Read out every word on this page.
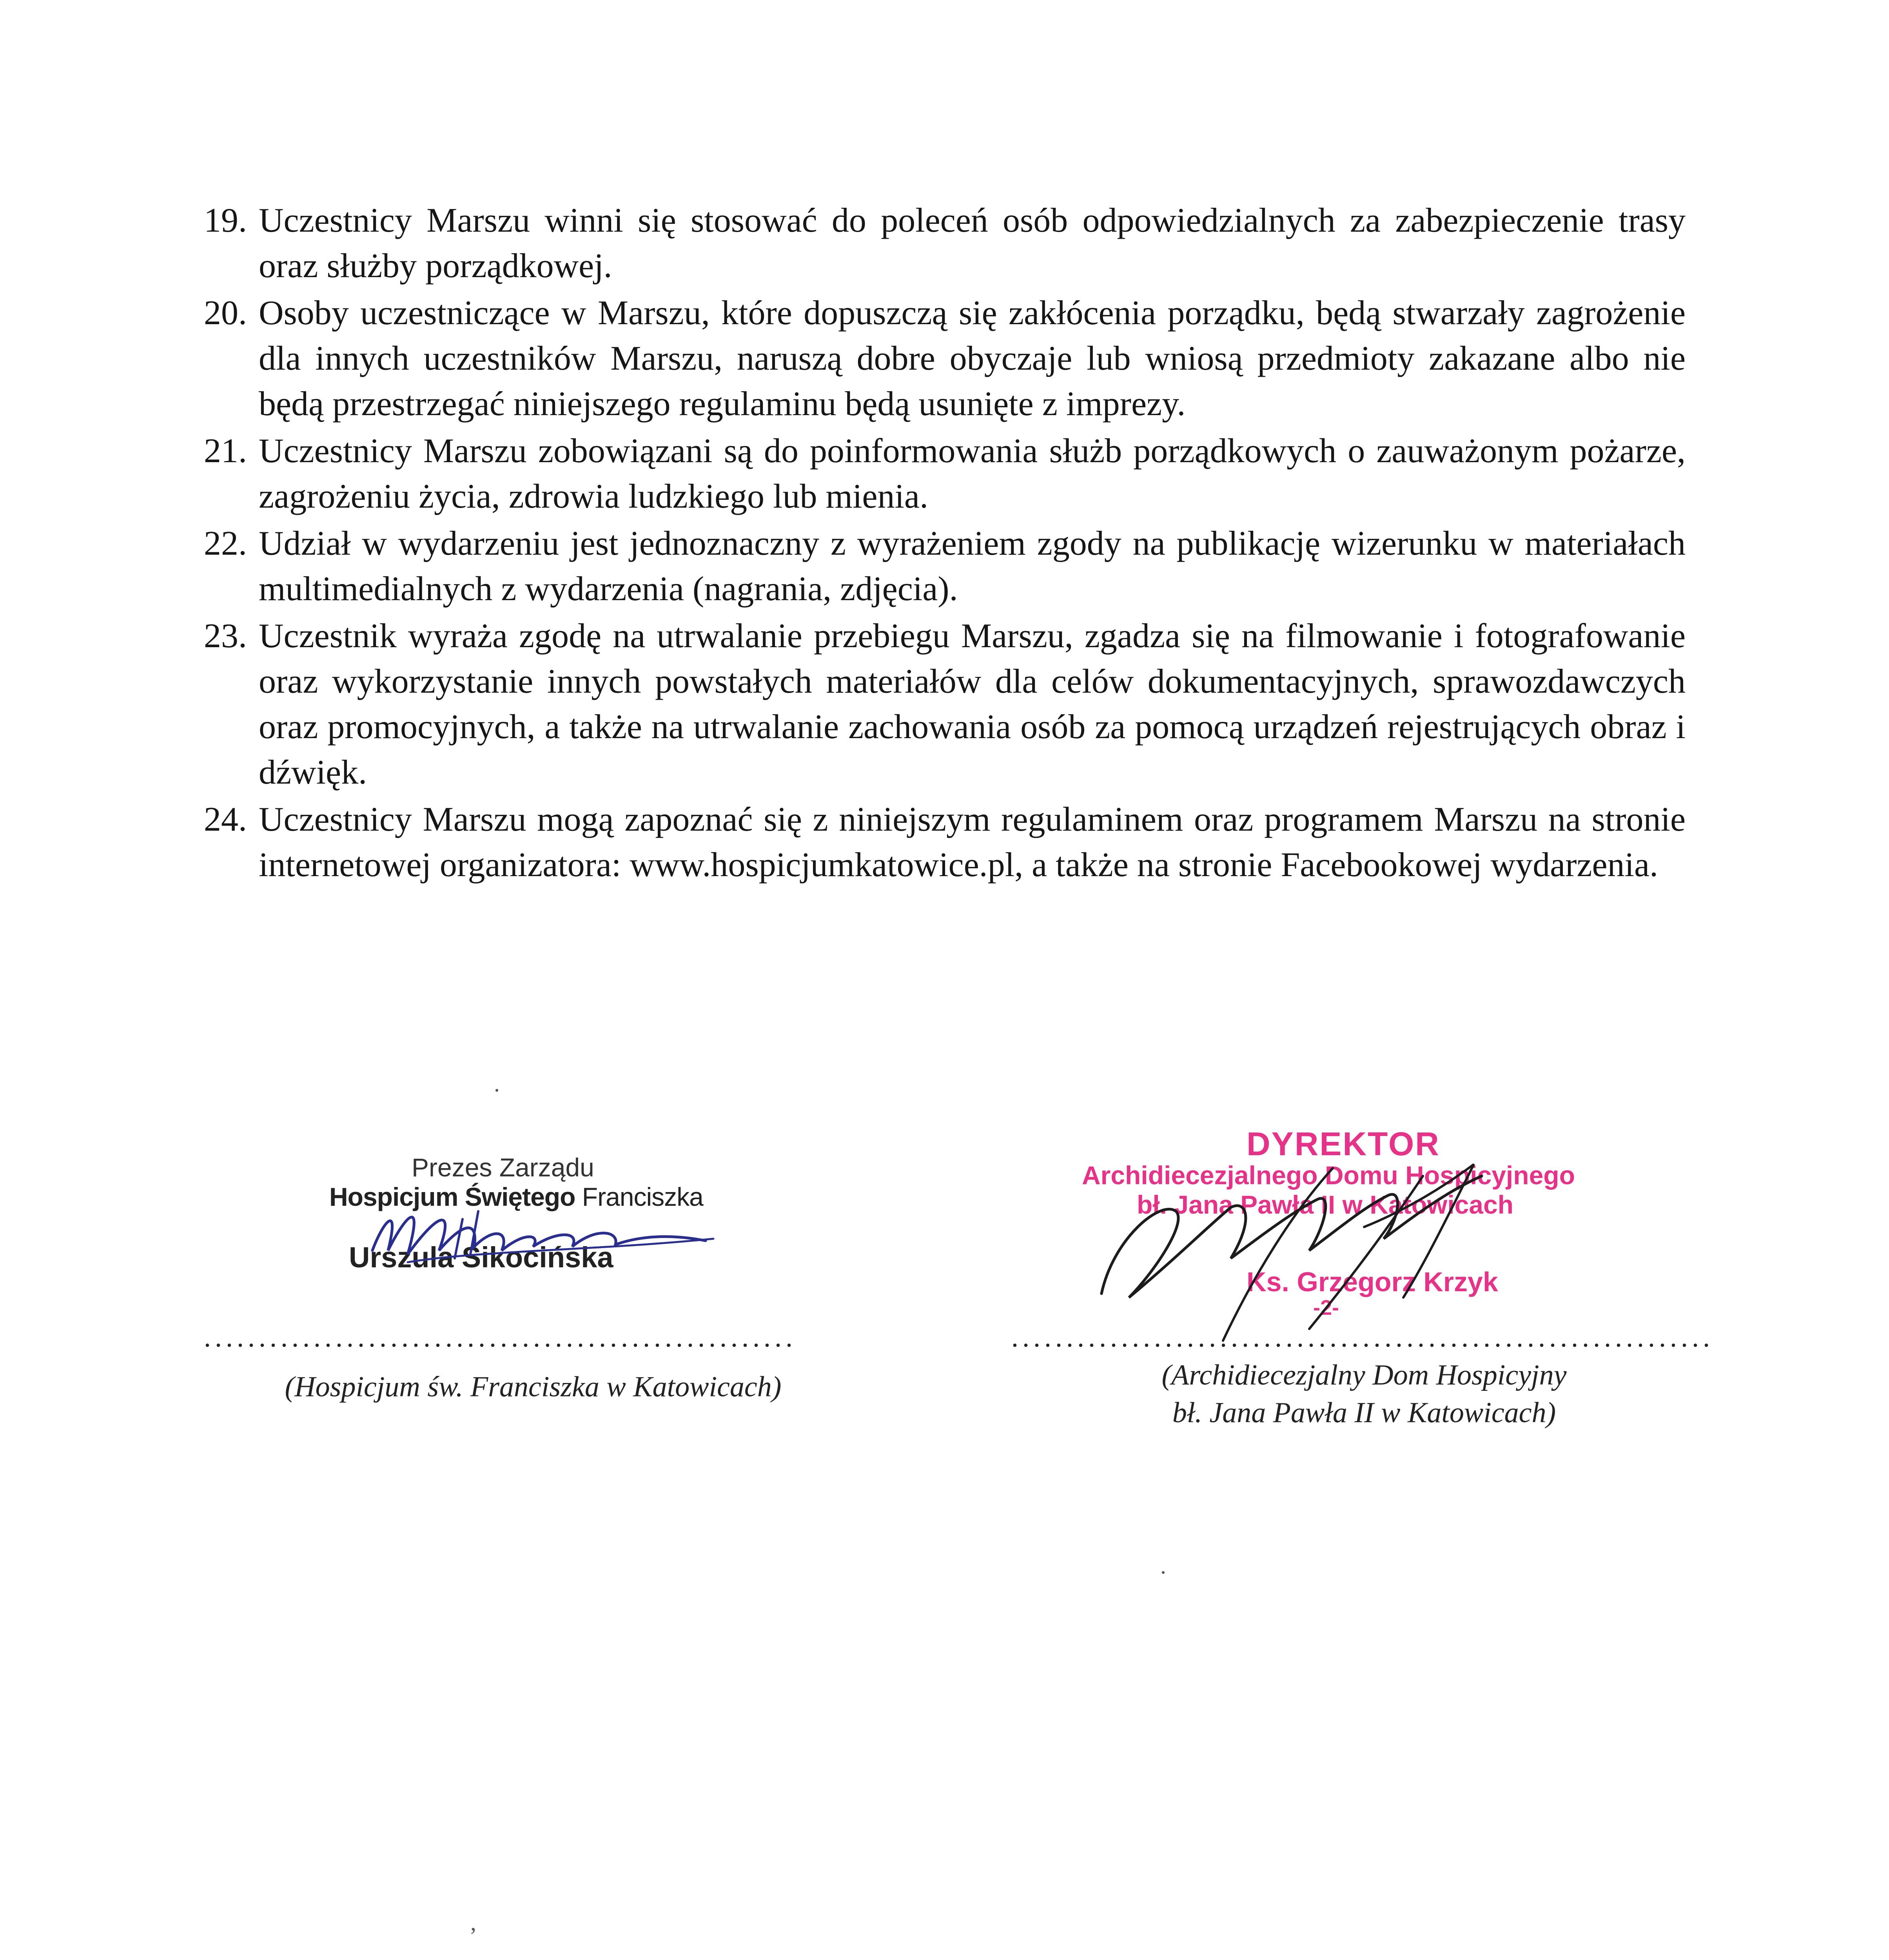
19. Uczestnicy Marszu winni się stosować do poleceń osób odpowiedzialnych za zabezpieczenie trasy oraz służby porządkowej.
20. Osoby uczestniczące w Marszu, które dopuszczą się zakłócenia porządku, będą stwarzały zagrożenie dla innych uczestników Marszu, naruszą dobre obyczaje lub wniosą przedmioty zakazane albo nie będą przestrzegać niniejszego regulaminu będą usunięte z imprezy.
21. Uczestnicy Marszu zobowiązani są do poinformowania służb porządkowych o zauważonym pożarze, zagrożeniu życia, zdrowia ludzkiego lub mienia.
22. Udział w wydarzeniu jest jednoznaczny z wyrażeniem zgody na publikację wizerunku w materiałach multimedialnych z wydarzenia (nagrania, zdjęcia).
23. Uczestnik wyraża zgodę na utrwalanie przebiegu Marszu, zgadza się na filmowanie i fotografowanie oraz wykorzystanie innych powstałych materiałów dla celów dokumentacyjnych, sprawozdawczych oraz promocyjnych, a także na utrwalanie zachowania osób za pomocą urządzeń rejestrujących obraz i dźwięk.
24. Uczestnicy Marszu mogą zapoznać się z niniejszym regulaminem oraz programem Marszu na stronie internetowej organizatora: www.hospicjumkatowice.pl, a także na stronie Facebookowej wydarzenia.
Prezes Zarządu
Hospicjum Świętego Franciszka
Urszula Sikocińska
......................................................
(Hospicjum św. Franciszka w Katowicach)
DYREKTOR
Archidiecezjalnego Domu Hospicyjnego
bł. Jana Pawła II w Katowicach
Ks. Grzegorz Krzyk
-2-
................................................................
(Archidiecezjalny Dom Hospicyjny
bł. Jana Pawła II w Katowicach)
.
.
,
